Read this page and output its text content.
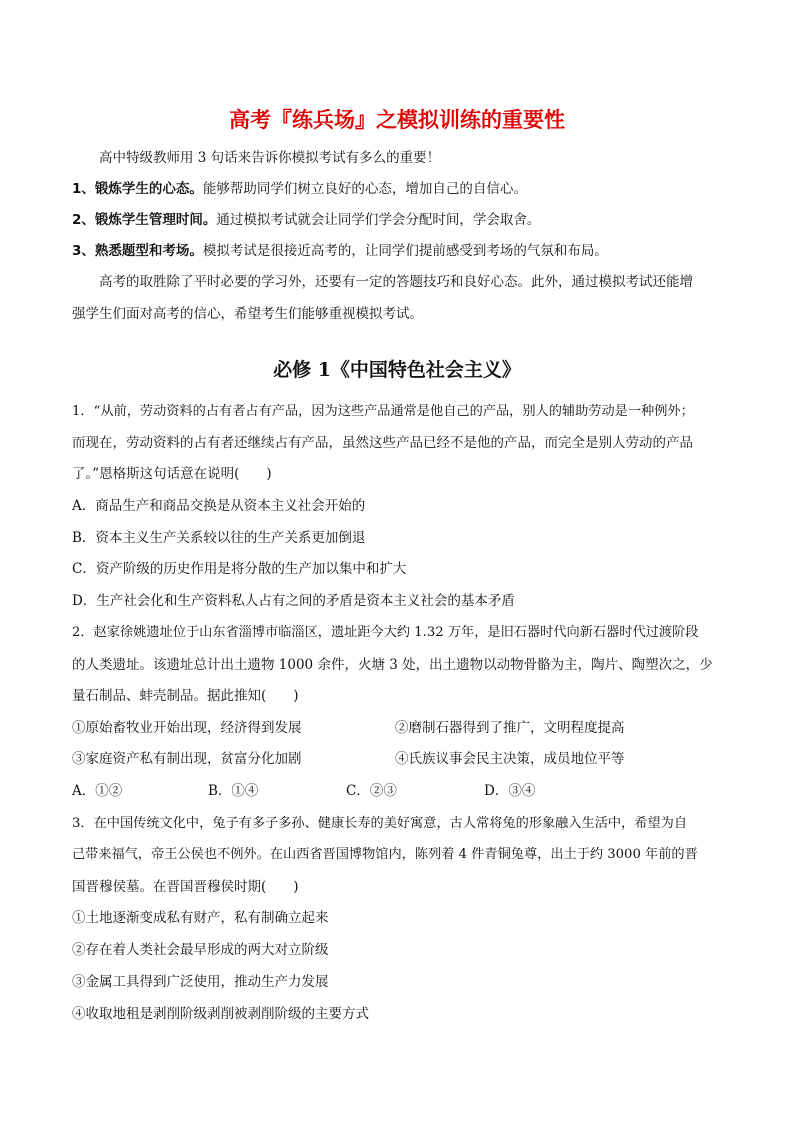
高考『练兵场』之模拟训练的重要性
高中特级教师用 3 句话来告诉你模拟考试有多么的重要！
1、锻炼学生的心态。能够帮助同学们树立良好的心态，增加自己的自信心。
2、锻炼学生管理时间。通过模拟考试就会让同学们学会分配时间，学会取舍。
3、熟悉题型和考场。模拟考试是很接近高考的，让同学们提前感受到考场的气氛和布局。
高考的取胜除了平时必要的学习外，还要有一定的答题技巧和良好心态。此外，通过模拟考试还能增
强学生们面对高考的信心，希望考生们能够重视模拟考试。
必修 1《中国特色社会主义》
1．“从前，劳动资料的占有者占有产品，因为这些产品通常是他自己的产品，别人的辅助劳动是一种例外；
而现在，劳动资料的占有者还继续占有产品，虽然这些产品已经不是他的产品，而完全是别人劳动的产品
了。”恩格斯这句话意在说明(　　)
A．商品生产和商品交换是从资本主义社会开始的
B．资本主义生产关系较以往的生产关系更加倒退
C．资产阶级的历史作用是将分散的生产加以集中和扩大
D．生产社会化和生产资料私人占有之间的矛盾是资本主义社会的基本矛盾
2．赵家徐姚遗址位于山东省淄博市临淄区，遗址距今大约 1.32 万年，是旧石器时代向新石器时代过渡阶段
的人类遗址。该遗址总计出土遗物 1000 余件，火塘 3 处，出土遗物以动物骨骼为主，陶片、陶塑次之，少
量石制品、蚌壳制品。据此推知(　　)
①原始畜牧业开始出现，经济得到发展	②磨制石器得到了推广，文明程度提高
③家庭资产私有制出现，贫富分化加剧	④氏族议事会民主决策，成员地位平等
A．①②	B．①④	C．②③	D．③④
3．在中国传统文化中，兔子有多子多孙、健康长寿的美好寓意，古人常将兔的形象融入生活中，希望为自
己带来福气，帝王公侯也不例外。在山西省晋国博物馆内，陈列着 4 件青铜兔尊，出土于约 3000 年前的晋
国晋穆侯墓。在晋国晋穆侯时期(　　)
①土地逐渐变成私有财产，私有制确立起来
②存在着人类社会最早形成的两大对立阶级
③金属工具得到广泛使用，推动生产力发展
④收取地租是剥削阶级剥削被剥削阶级的主要方式
